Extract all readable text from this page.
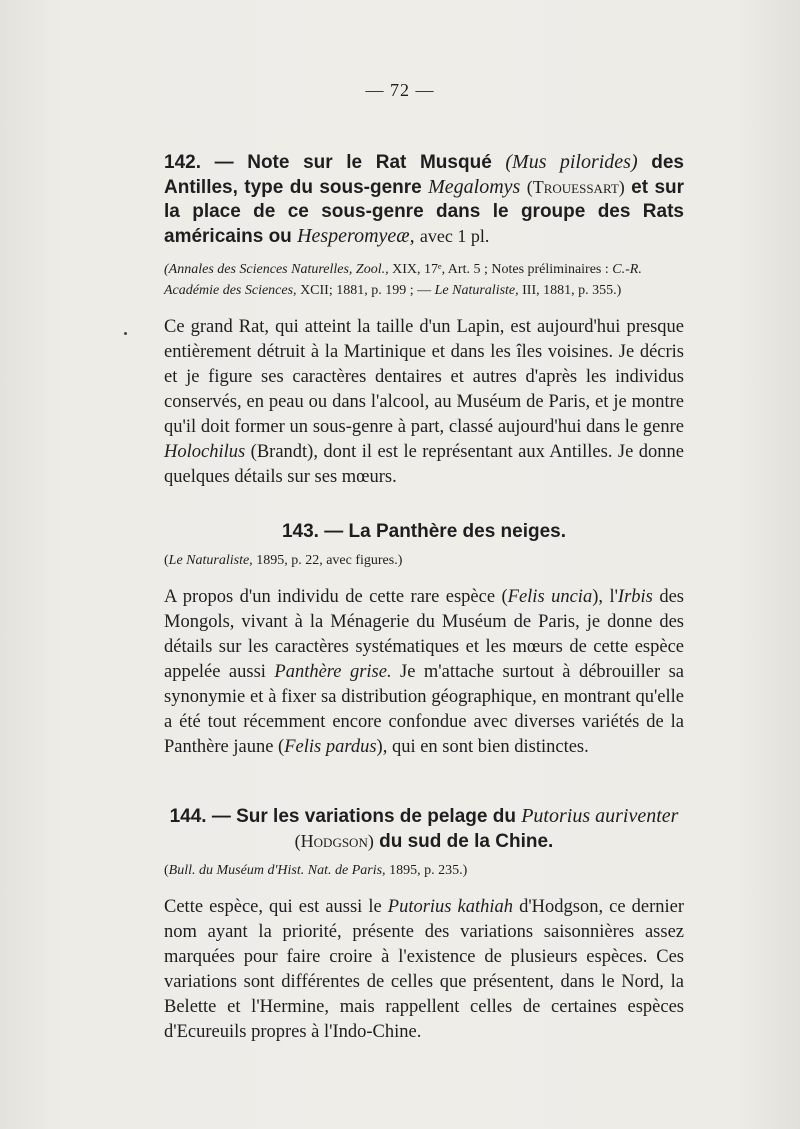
— 72 —

142. — Note sur le Rat Musqué (Mus pilorides) des Antilles, type du sous-genre Megalomys (Trouessart) et sur la place de ce sous-genre dans le groupe des Rats américains ou Hesperomyeæ, avec 1 pl.

(Annales des Sciences Naturelles, Zool., XIX, 17ᵉ, Art. 5 ; Notes préliminaires : C.-R. Académie des Sciences, XCII; 1881, p. 199 ; — Le Naturaliste, III, 1881, p. 355.)

Ce grand Rat, qui atteint la taille d'un Lapin, est aujourd'hui presque entièrement détruit à la Martinique et dans les îles voisines. Je décris et je figure ses caractères dentaires et autres d'après les individus conservés, en peau ou dans l'alcool, au Muséum de Paris, et je montre qu'il doit former un sous-genre à part, classé aujourd'hui dans le genre Holochilus (Brandt), dont il est le représentant aux Antilles. Je donne quelques détails sur ses mœurs.

143. — La Panthère des neiges.

(Le Naturaliste, 1895, p. 22, avec figures.)

A propos d'un individu de cette rare espèce (Felis uncia), l'Irbis des Mongols, vivant à la Ménagerie du Muséum de Paris, je donne des détails sur les caractères systématiques et les mœurs de cette espèce appelée aussi Panthère grise. Je m'attache surtout à débrouiller sa synonymie et à fixer sa distribution géographique, en montrant qu'elle a été tout récemment encore confondue avec diverses variétés de la Panthère jaune (Felis pardus), qui en sont bien distinctes.

144. — Sur les variations de pelage du Putorius auriventer
(Hodgson) du sud de la Chine.

(Bull. du Muséum d'Hist. Nat. de Paris, 1895, p. 235.)

Cette espèce, qui est aussi le Putorius kathiah d'Hodgson, ce dernier nom ayant la priorité, présente des variations saisonnières assez marquées pour faire croire à l'existence de plusieurs espèces. Ces variations sont différentes de celles que présentent, dans le Nord, la Belette et l'Hermine, mais rappellent celles de certaines espèces d'Ecureuils propres à l'Indo-Chine.
